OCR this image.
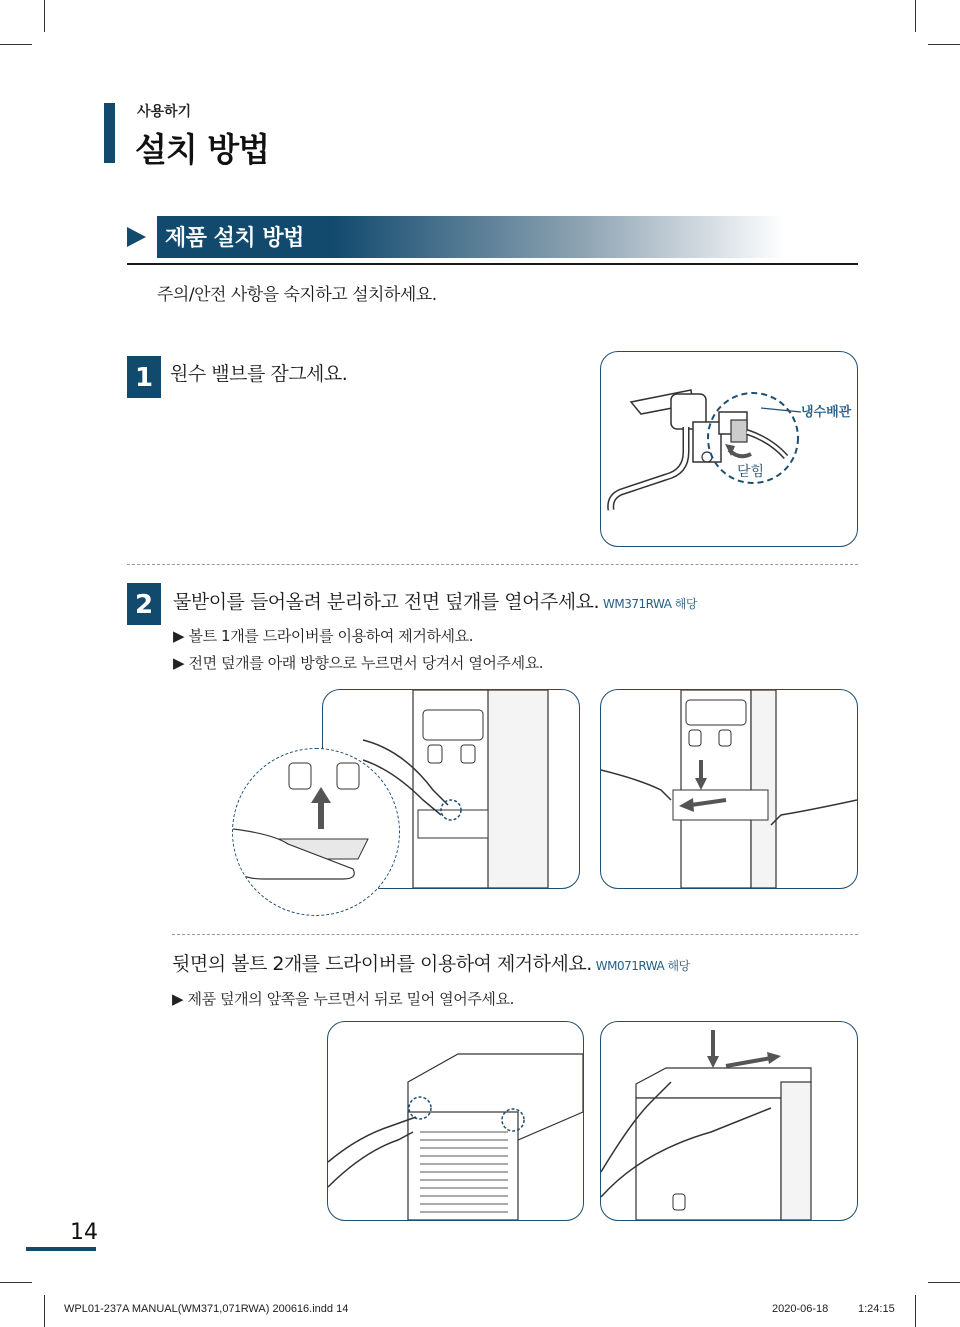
사용하기
설치 방법
제품 설치 방법
주의/안전 사항을 숙지하고 설치하세요.
1 원수 밸브를 잠그세요.
냉수배관
닫힘
2	물받이를 들어올려 분리하고 전면 덮개를 열어주세요. WM371RWA 해당
▶ 볼트 1개를 드라이버를 이용하여 제거하세요.
▶ 전면 덮개를 아래 방향으로 누르면서 당겨서 열어주세요.
뒷면의 볼트 2개를 드라이버를 이용하여 제거하세요. WM071RWA 해당
▶ 제품 덮개의 앞쪽을 누르면서 뒤로 밀어 열어주세요.
14
WPL01-237A MANUAL(WM371,071RWA) 200616.indd 14	2020-06-18	1:24:15
